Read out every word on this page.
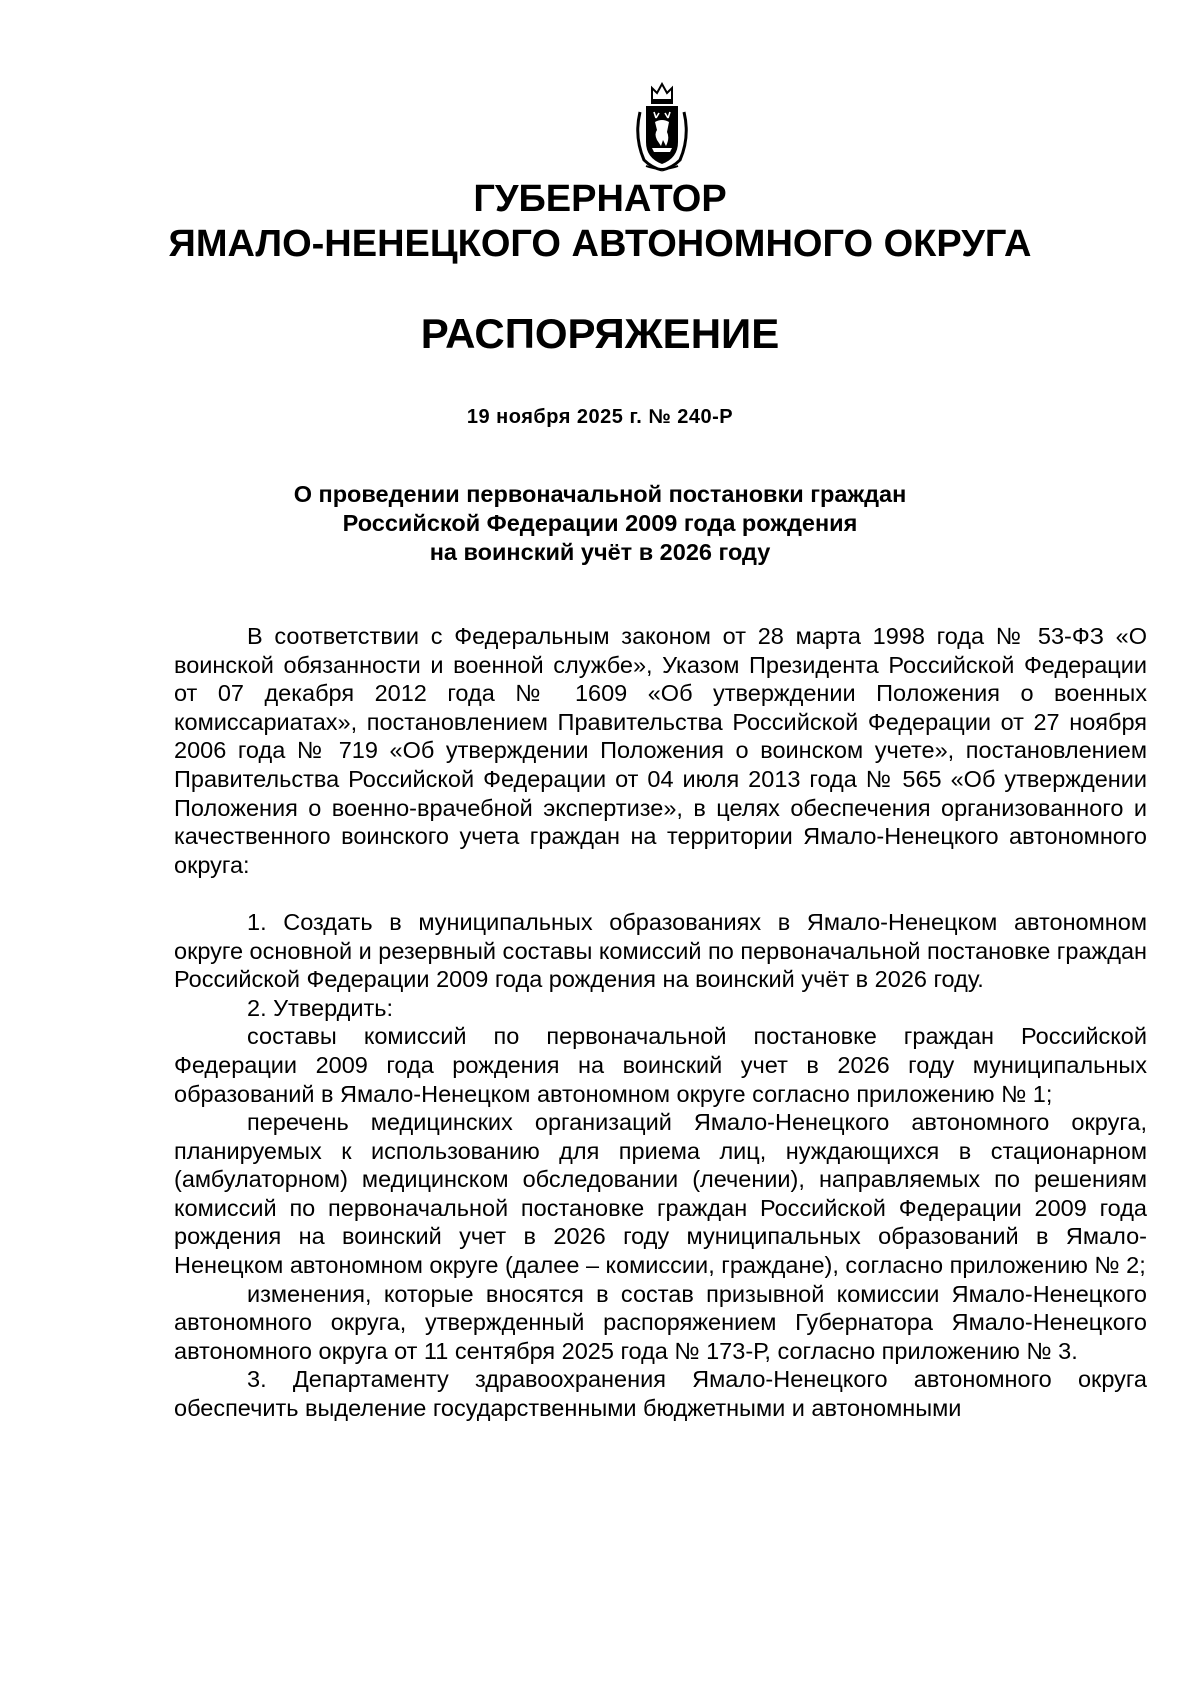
ГУБЕРНАТОР
ЯМАЛО-НЕНЕЦКОГО АВТОНОМНОГО ОКРУГА
РАСПОРЯЖЕНИЕ
19 ноября 2025 г. № 240-Р
О проведении первоначальной постановки граждан
Российской Федерации 2009 года рождения
на воинский учёт в 2026 году

В соответствии с Федеральным законом от 28 марта 1998 года № 53-ФЗ «О воинской обязанности и военной службе», Указом Президента Российской Федерации от 07 декабря 2012 года № 1609 «Об утверждении Положения о военных комиссариатах», постановлением Правительства Российской Федерации от 27 ноября 2006 года № 719 «Об утверждении Положения о воинском учете», постановлением Правительства Российской Федерации от 04 июля 2013 года № 565 «Об утверждении Положения о военно-врачебной экспертизе», в целях обеспечения организованного и качественного воинского учета граждан на территории Ямало-Ненецкого автономного округа:

1. Создать в муниципальных образованиях в Ямало-Ненецком автономном округе основной и резервный составы комиссий по первоначальной постановке граждан Российской Федерации 2009 года рождения на воинский учёт в 2026 году.

2. Утвердить:

составы комиссий по первоначальной постановке граждан Российской Федерации 2009 года рождения на воинский учет в 2026 году муниципальных образований в Ямало-Ненецком автономном округе согласно приложению № 1;

перечень медицинских организаций Ямало-Ненецкого автономного округа, планируемых к использованию для приема лиц, нуждающихся в стационарном (амбулаторном) медицинском обследовании (лечении), направляемых по решениям комиссий по первоначальной постановке граждан Российской Федерации 2009 года рождения на воинский учет в 2026 году муниципальных образований в Ямало-Ненецком автономном округе (далее – комиссии, граждане), согласно приложению № 2;

изменения, которые вносятся в состав призывной комиссии Ямало-Ненецкого автономного округа, утвержденный распоряжением Губернатора Ямало-Ненецкого автономного округа от 11 сентября 2025 года № 173-Р, согласно приложению № 3.

3. Департаменту здравоохранения Ямало-Ненецкого автономного округа обеспечить выделение государственными бюджетными и автономными
